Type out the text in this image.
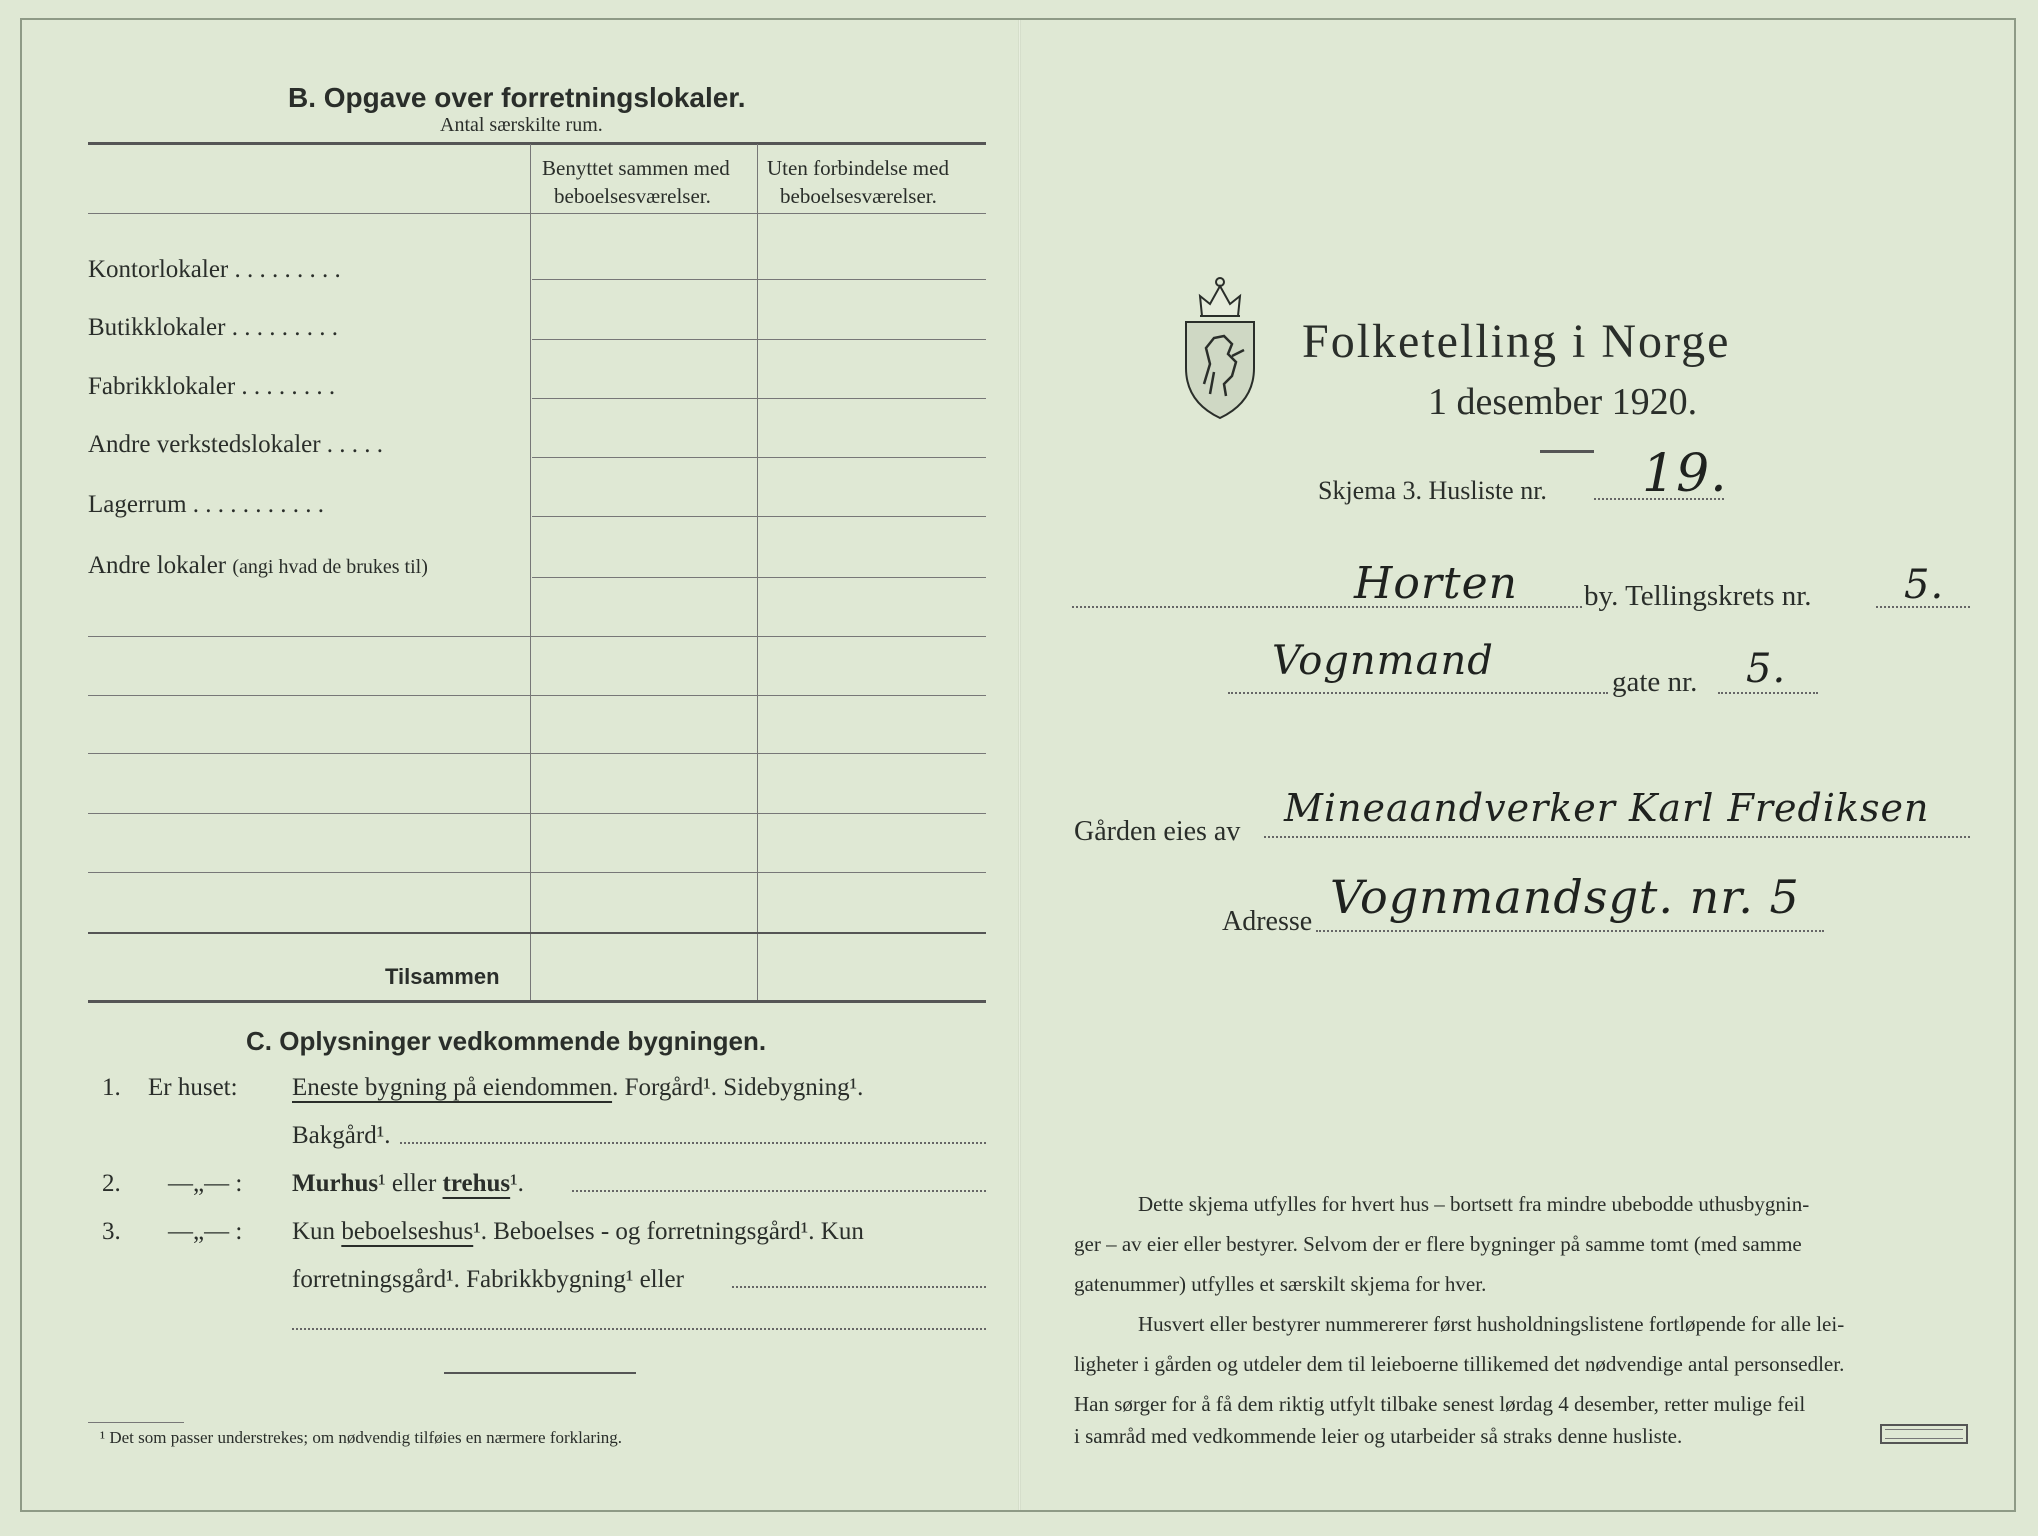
B. Opgave over forretningslokaler.
Antal særskilte rum.
Benyttet sammen med
beboelsesværelser.
Uten forbindelse med
beboelsesværelser.
Kontorlokaler . . . . . . . . .
Butikklokaler . . . . . . . . .
Fabrikklokaler . . . . . . . .
Andre verkstedslokaler . . . . .
Lagerrum . . . . . . . . . . .
Andre lokaler (angi hvad de brukes til)
Tilsammen
C. Oplysninger vedkommende bygningen.
1. Er huset: Eneste bygning på eiendommen. Forgård¹. Sidebygning¹.
Bakgård¹.
2. —„— : Murhus¹ eller trehus¹.
3. —„— : Kun beboelseshus¹. Beboelses - og forretningsgård¹. Kun
forretningsgård¹. Fabrikkbygning¹ eller
¹ Det som passer understrekes; om nødvendig tilføies en nærmere forklaring.
Folketelling i Norge
1 desember 1920.
Skjema 3. Husliste nr. 19.
Horten by. Tellingskrets nr. 5.
Vognmand	gate nr. 5.
Gården eies av
Mineaandverker Karl Frediksen
Adresse Vognmandsgt. nr. 5
Dette skjema utfylles for hvert hus – bortsett fra mindre ubebodde uthusbygnin-
ger – av eier eller bestyrer. Selvom der er flere bygninger på samme tomt (med samme
gatenummer) utfylles et særskilt skjema for hver.
Husvert eller bestyrer nummererer først husholdningslistene fortløpende for alle lei-
ligheter i gården og utdeler dem til leieboerne tillikemed det nødvendige antal personsedler.
Han sørger for å få dem riktig utfylt tilbake senest lørdag 4 desember, retter mulige feil
i samråd med vedkommende leier og utarbeider så straks denne husliste.
